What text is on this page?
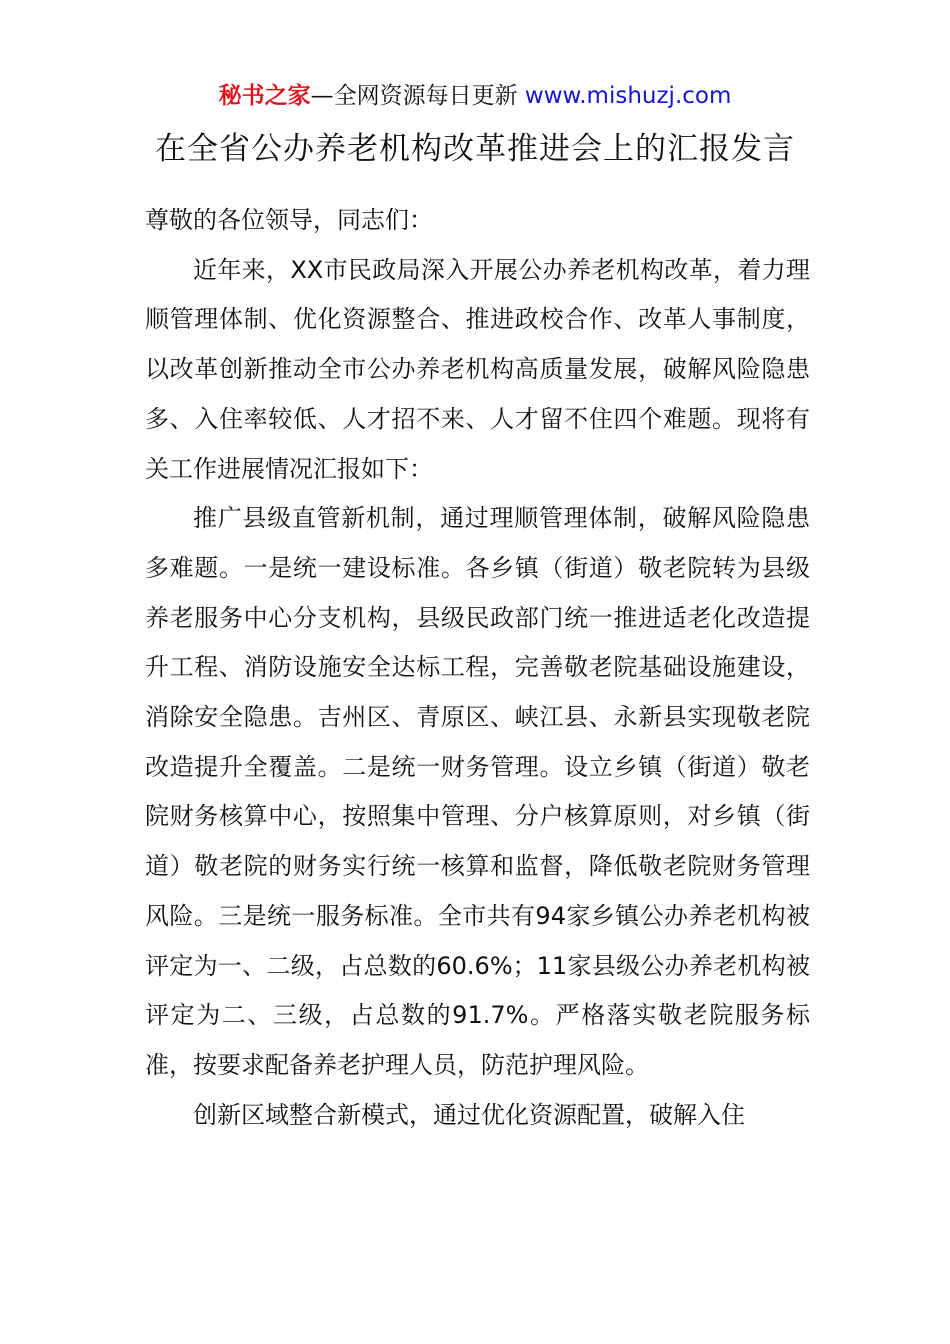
秘书之家—全网资源每日更新 www.mishuzj.com
在全省公办养老机构改革推进会上的汇报发言

尊敬的各位领导，同志们：

近年来，XX市民政局深入开展公办养老机构改革，着力理顺管理体制、优化资源整合、推进政校合作、改革人事制度，以改革创新推动全市公办养老机构高质量发展，破解风险隐患多、入住率较低、人才招不来、人才留不住四个难题。现将有关工作进展情况汇报如下：

推广县级直管新机制，通过理顺管理体制，破解风险隐患多难题。一是统一建设标准。各乡镇（街道）敬老院转为县级养老服务中心分支机构，县级民政部门统一推进适老化改造提升工程、消防设施安全达标工程，完善敬老院基础设施建设，消除安全隐患。吉州区、青原区、峡江县、永新县实现敬老院改造提升全覆盖。二是统一财务管理。设立乡镇（街道）敬老院财务核算中心，按照集中管理、分户核算原则，对乡镇（街道）敬老院的财务实行统一核算和监督，降低敬老院财务管理风险。三是统一服务标准。全市共有94家乡镇公办养老机构被评定为一、二级，占总数的60.6%；11家县级公办养老机构被评定为二、三级，占总数的91.7%。严格落实敬老院服务标准，按要求配备养老护理人员，防范护理风险。

创新区域整合新模式，通过优化资源配置，破解入住
